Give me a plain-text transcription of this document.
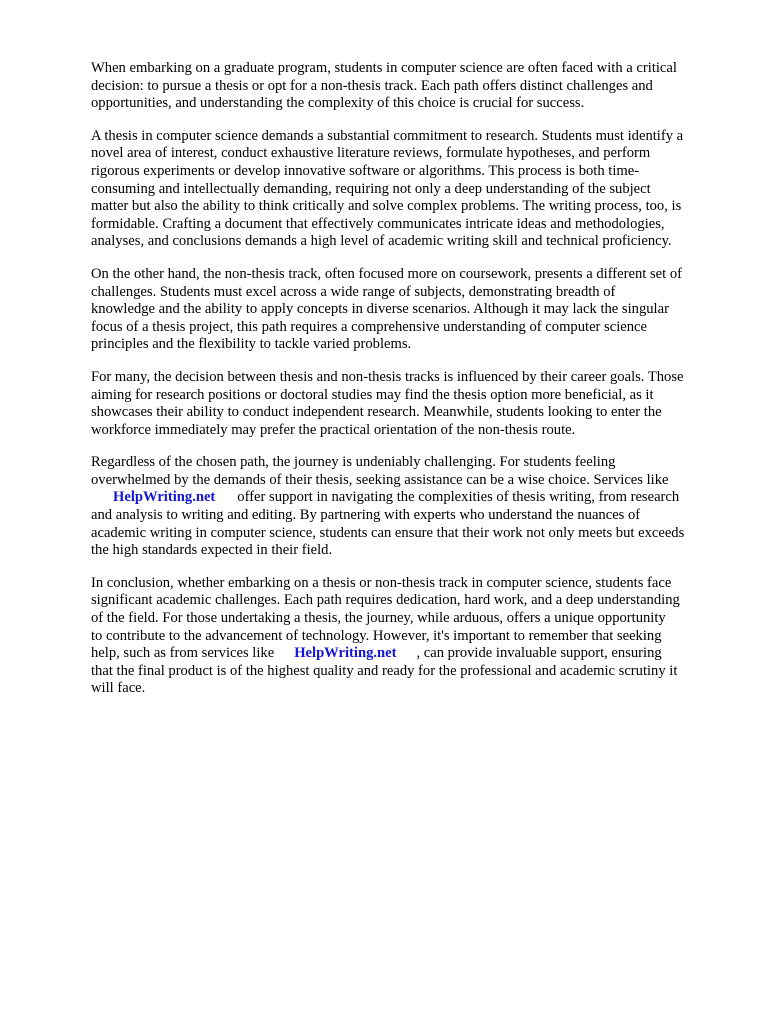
When embarking on a graduate program, students in computer science are often faced with a critical
decision: to pursue a thesis or opt for a non-thesis track. Each path offers distinct challenges and
opportunities, and understanding the complexity of this choice is crucial for success.

A thesis in computer science demands a substantial commitment to research. Students must identify a
novel area of interest, conduct exhaustive literature reviews, formulate hypotheses, and perform
rigorous experiments or develop innovative software or algorithms. This process is both time-
consuming and intellectually demanding, requiring not only a deep understanding of the subject
matter but also the ability to think critically and solve complex problems. The writing process, too, is
formidable. Crafting a document that effectively communicates intricate ideas and methodologies,
analyses, and conclusions demands a high level of academic writing skill and technical proficiency.

On the other hand, the non-thesis track, often focused more on coursework, presents a different set of
challenges. Students must excel across a wide range of subjects, demonstrating breadth of
knowledge and the ability to apply concepts in diverse scenarios. Although it may lack the singular
focus of a thesis project, this path requires a comprehensive understanding of computer science
principles and the flexibility to tackle varied problems.

For many, the decision between thesis and non-thesis tracks is influenced by their career goals. Those
aiming for research positions or doctoral studies may find the thesis option more beneficial, as it
showcases their ability to conduct independent research. Meanwhile, students looking to enter the
workforce immediately may prefer the practical orientation of the non-thesis route.

Regardless of the chosen path, the journey is undeniably challenging. For students feeling
overwhelmed by the demands of their thesis, seeking assistance can be a wise choice. Services like
HelpWriting.net offer support in navigating the complexities of thesis writing, from research
and analysis to writing and editing. By partnering with experts who understand the nuances of
academic writing in computer science, students can ensure that their work not only meets but exceeds
the high standards expected in their field.

In conclusion, whether embarking on a thesis or non-thesis track in computer science, students face
significant academic challenges. Each path requires dedication, hard work, and a deep understanding
of the field. For those undertaking a thesis, the journey, while arduous, offers a unique opportunity
to contribute to the advancement of technology. However, it's important to remember that seeking
help, such as from services like HelpWriting.net , can provide invaluable support, ensuring
that the final product is of the highest quality and ready for the professional and academic scrutiny it
will face.
